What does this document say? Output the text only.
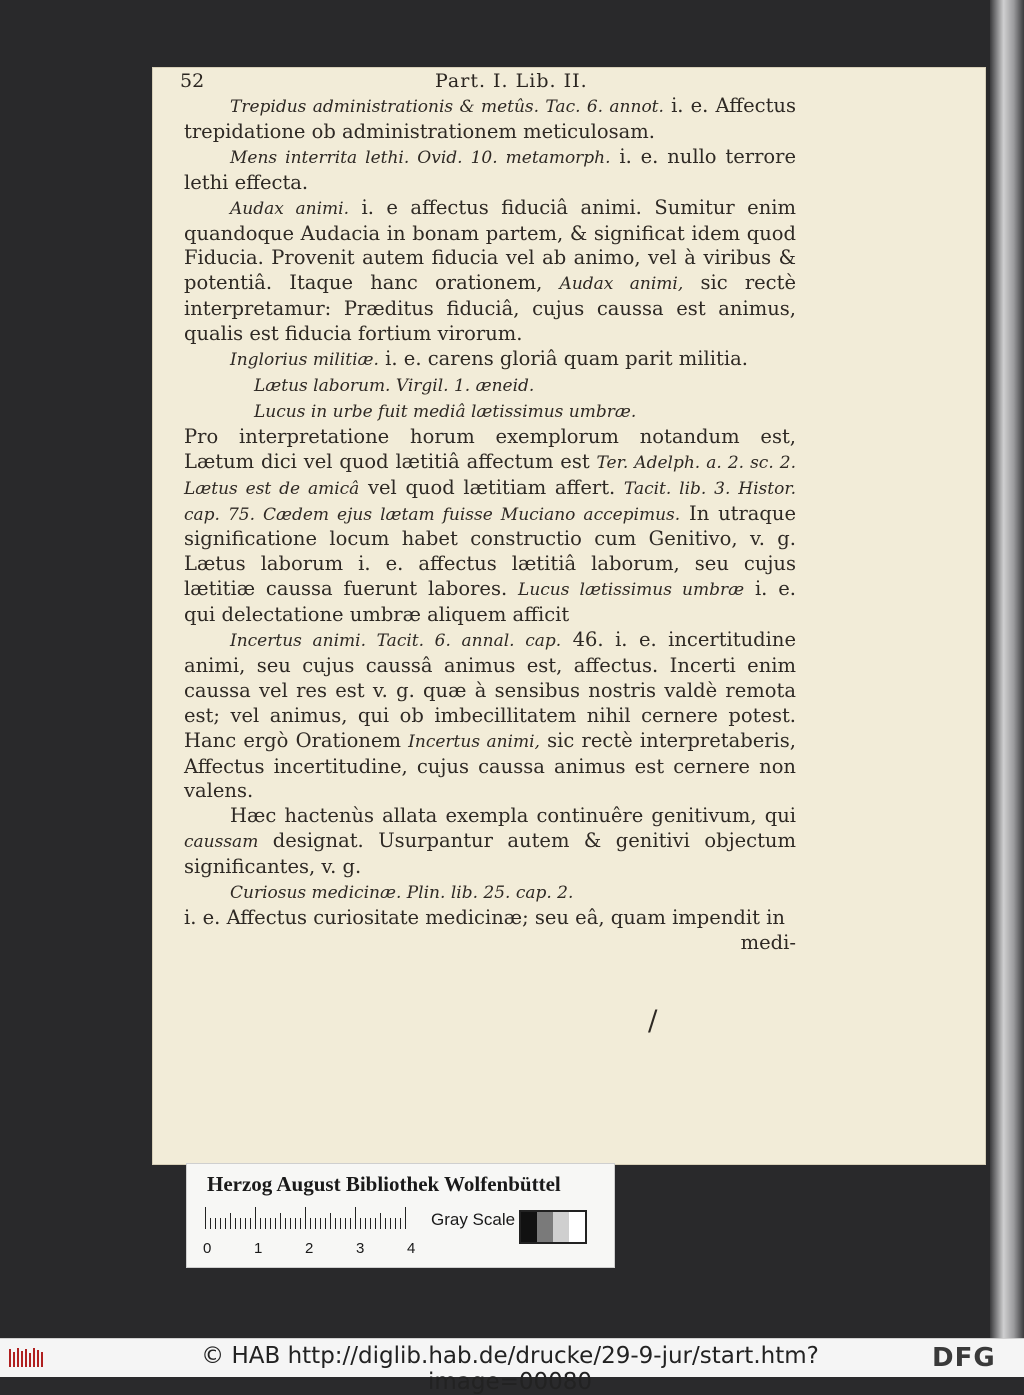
52	Part. I. Lib. II.

Trepidus administrationis & metûs. Tac. 6. annot. i. e. Affectus trepidatione ob administrationem meticulosam.

Mens interrita lethi. Ovid. 10. metamorph. i. e. nullo terrore lethi effecta.

Audax animi. i. e affectus fiduciâ animi. Sumitur enim quandoque Audacia in bonam partem, & significat idem quod Fiducia. Provenit autem fiducia vel ab animo, vel à viribus & potentiâ. Itaque hanc orationem, Audax animi, sic rectè interpretamur: Præditus fiduciâ, cujus caussa est animus, qualis est fiducia fortium virorum.

Inglorius militiæ. i. e. carens gloriâ quam parit militia.

Lætus laborum. Virgil. 1. æneid.

Lucus in urbe fuit mediâ lætissimus umbræ.

Pro interpretatione horum exemplorum notandum est, Lætum dici vel quod lætitiâ affectum est Ter. Adelph. a. 2. sc. 2. Lætus est de amicâ vel quod lætitiam affert. Tacit. lib. 3. Histor. cap. 75. Cædem ejus lætam fuisse Muciano accepimus. In utraque significatione locum habet constructio cum Genitivo, v. g. Lætus laborum i. e. affectus lætitiâ laborum, seu cujus lætitiæ caussa fuerunt labores. Lucus lætissimus umbræ i. e. qui delectatione umbræ aliquem afficit

Incertus animi. Tacit. 6. annal. cap. 46. i. e. incertitudine animi, seu cujus caussâ animus est, affectus. Incerti enim caussa vel res est v. g. quæ à sensibus nostris valdè remota est; vel animus, qui ob imbecillitatem nihil cernere potest. Hanc ergò Orationem Incertus animi, sic rectè interpretaberis, Affectus incertitudine, cujus caussa animus est cernere non valens.

Hæc hactenùs allata exempla continuêre genitivum, qui caussam designat. Usurpantur autem & genitivi objectum significantes, v. g.

Curiosus medicinæ. Plin. lib. 25. cap. 2.

i. e. Affectus curiositate medicinæ; seu eâ, quam impendit in

medi-

/
Herzog August Bibliothek Wolfenbüttel
0	1	2	3	4
Gray Scale
© HAB http://diglib.hab.de/drucke/29-9-jur/start.htm?image=00080
DFG
